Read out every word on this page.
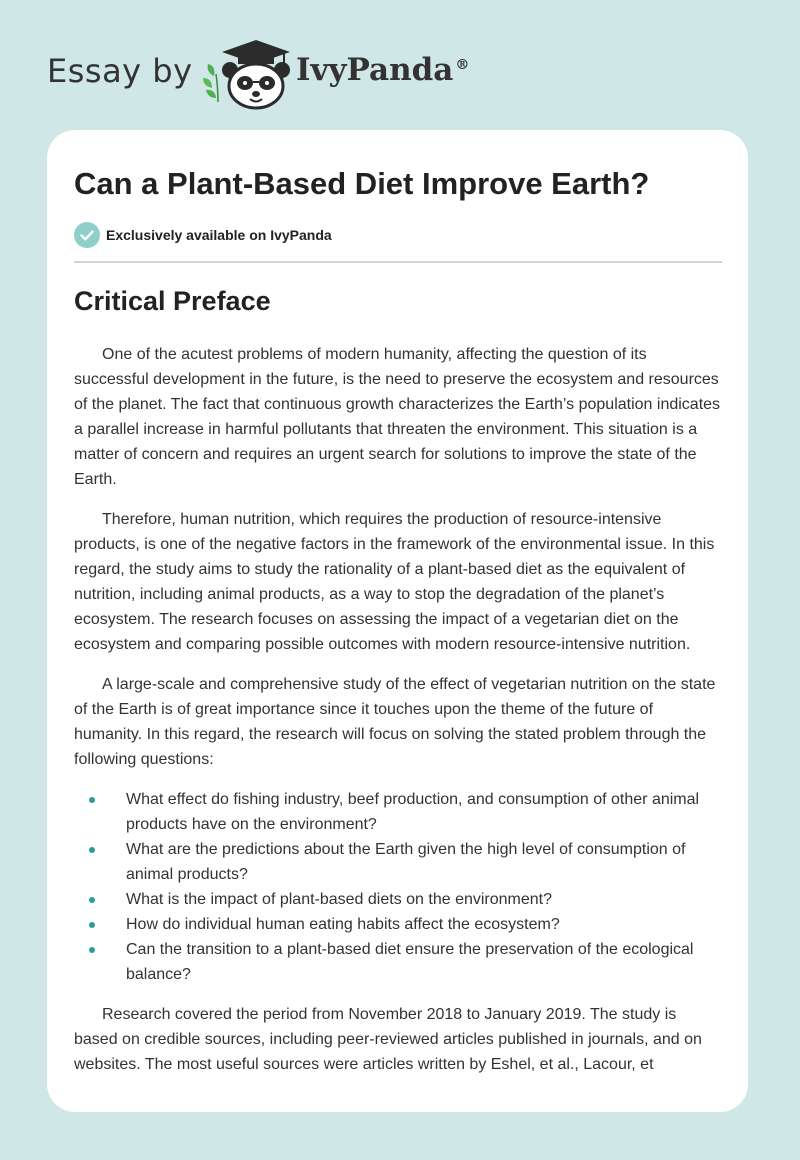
Essay by	IvyPanda ®
Can a Plant-Based Diet Improve Earth?
Exclusively available on IvyPanda
Critical Preface

One of the acutest problems of modern humanity, affecting the question of its successful development in the future, is the need to preserve the ecosystem and resources of the planet. The fact that continuous growth characterizes the Earth’s population indicates a parallel increase in harmful pollutants that threaten the environment. This situation is a matter of concern and requires an urgent search for solutions to improve the state of the Earth.

Therefore, human nutrition, which requires the production of resource-intensive products, is one of the negative factors in the framework of the environmental issue. In this regard, the study aims to study the rationality of a plant-based diet as the equivalent of nutrition, including animal products, as a way to stop the degradation of the planet’s ecosystem. The research focuses on assessing the impact of a vegetarian diet on the ecosystem and comparing possible outcomes with modern resource-intensive nutrition.

A large-scale and comprehensive study of the effect of vegetarian nutrition on the state of the Earth is of great importance since it touches upon the theme of the future of humanity. In this regard, the research will focus on solving the stated problem through the following questions:

What effect do fishing industry, beef production, and consumption of other animal products have on the environment?
What are the predictions about the Earth given the high level of consumption of animal products?
What is the impact of plant-based diets on the environment?
How do individual human eating habits affect the ecosystem?
Can the transition to a plant-based diet ensure the preservation of the ecological balance?

Research covered the period from November 2018 to January 2019. The study is based on credible sources, including peer-reviewed articles published in journals, and on websites. The most useful sources were articles written by Eshel, et al., Lacour, et
